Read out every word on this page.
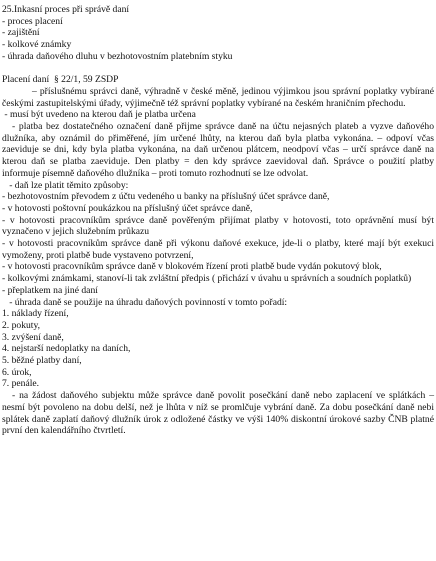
25.Inkasní proces při správě daní
- proces placení
- zajištění
- kolkové známky
- úhrada daňového dluhu v bezhotovostním platebním styku
Placení daní  § 22/1, 59 ZSDP
– příslušnému správci daně, výhradně v české měně, jedinou výjimkou jsou správní poplatky vybírané českými zastupitelskými úřady, výjimečně též správní poplatky vybírané na českém hraničním přechodu.
- musí být uvedeno na kterou daň je platba určena
- platba bez dostatečného označení daně přijme správce daně na účtu nejasných plateb a vyzve daňového dlužníka, aby oznámil do přiměřené, jím určené lhůty, na kterou daň byla platba vykonána. – odpoví včas zaeviduje se dni, kdy byla platba vykonána, na daň určenou plátcem, neodpoví včas – určí správce daně na kterou daň se platba zaeviduje. Den platby = den kdy správce zaevidoval daň. Správce o použití platby informuje písemně daňového dlužníka – proti tomuto rozhodnutí se lze odvolat.
- daň lze platit těmito způsoby:
- bezhotovostním převodem z účtu vedeného u banky na příslušný účet správce daně,
- v hotovosti poštovní poukázkou na příslušný účet správce daně,
- v hotovosti pracovníkům správce daně pověřeným přijímat platby v hotovosti, toto oprávnění musí být vyznačeno v jejich služebním průkazu
- v hotovosti pracovníkům správce daně při výkonu daňové exekuce, jde-li o platby, které mají být exekuci vymoženy, proti platbě bude vystaveno potvrzení,
- v hotovosti pracovníkům správce daně v blokovém řízení proti platbě bude vydán pokutový blok,
- kolkovými známkami, stanoví-li tak zvláštní předpis ( přichází v úvahu u správních a soudních poplatků)
- přeplatkem na jiné daní
- úhrada daně se použije na úhradu daňových povinností v tomto pořadí:
1. náklady řízení,
2. pokuty,
3. zvýšení daně,
4. nejstarší nedoplatky na daních,
5. běžné platby daní,
6. úrok,
7. penále.
- na žádost daňového subjektu může správce daně povolit posečkání daně nebo zaplacení ve splátkách – nesmí být povoleno na dobu delší, než je lhůta v níž se promlčuje vybrání daně. Za dobu posečkání daně nebi splátek daně zaplatí daňový dlužník úrok z odložené částky ve výši 140% diskontní úrokové sazby ČNB platné první den kalendářního čtvrtletí.
